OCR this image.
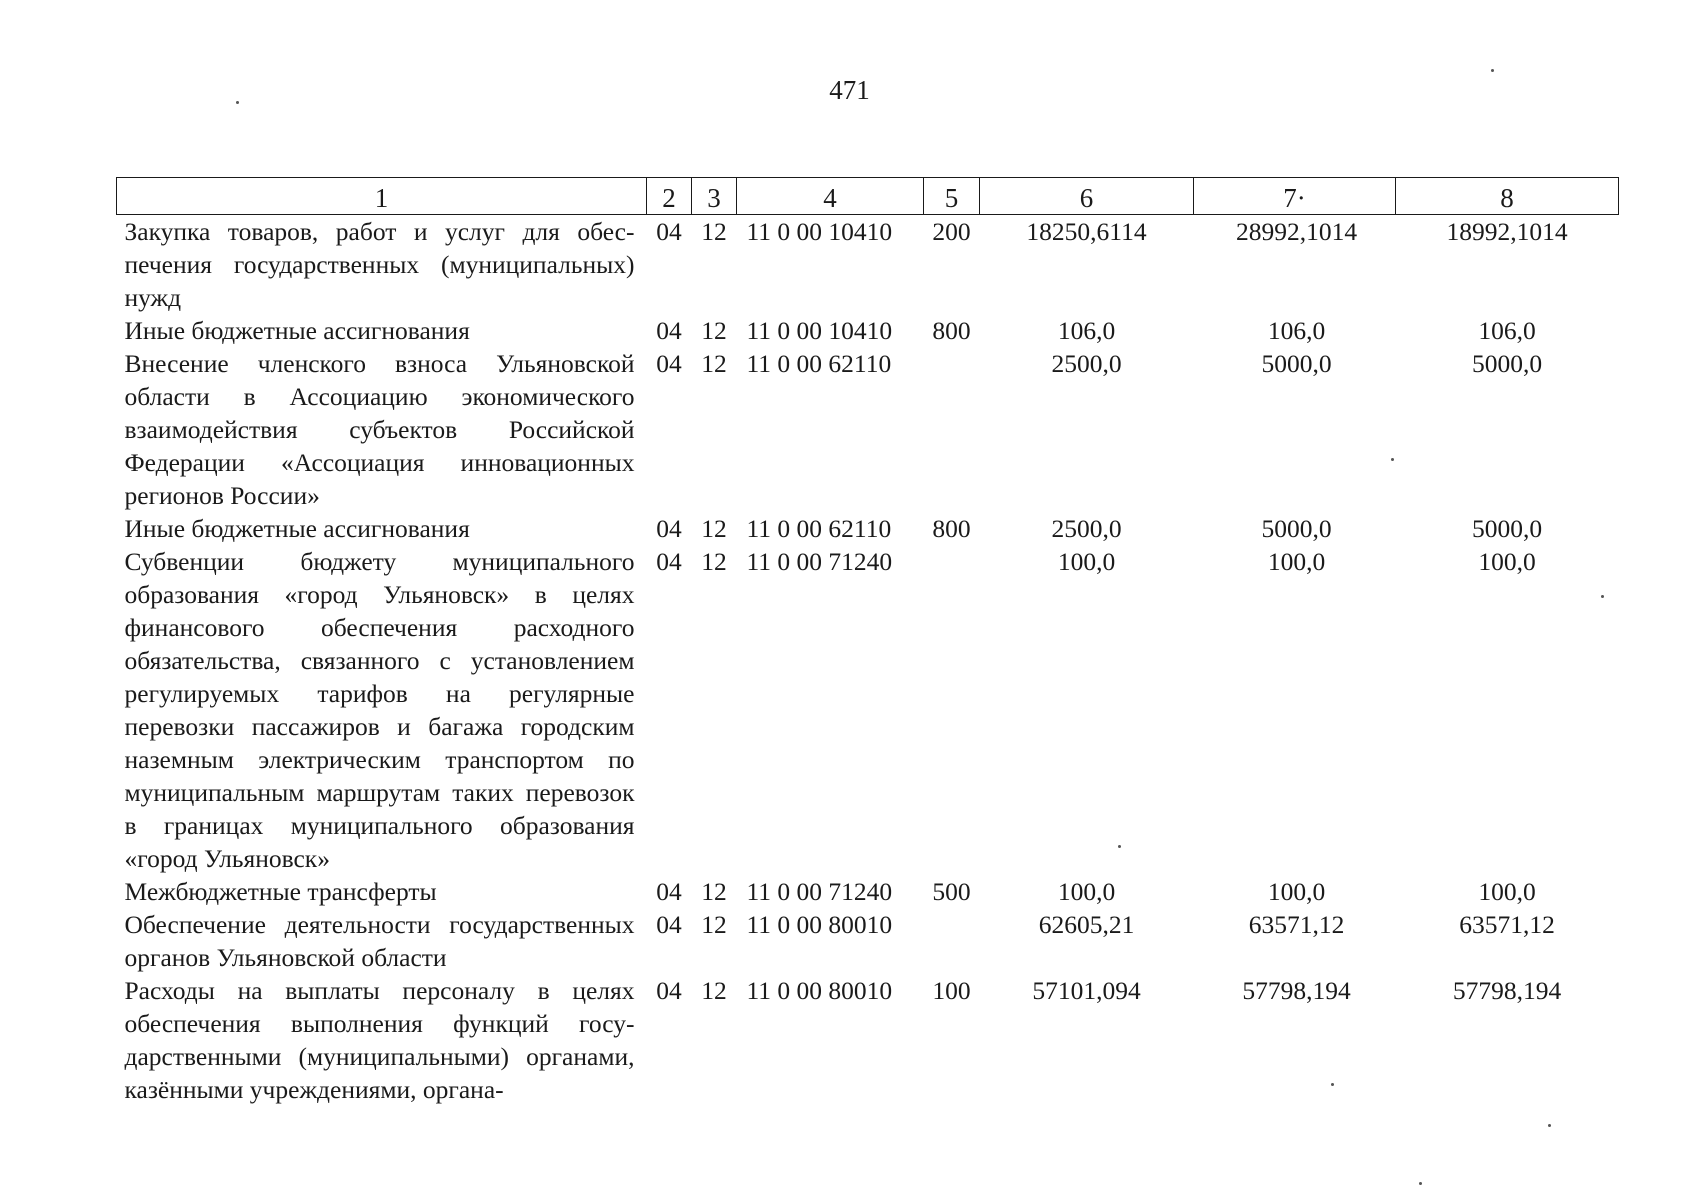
471
1	2	3	4	5	6	7·	8
Закупка товаров, работ и услуг для обеспечения государственных (муниципальных) нужд	04	12	11 0 00 10410	200	18250,6114	28992,1014	18992,1014
Иные бюджетные ассигнования	04	12	11 0 00 10410	800	106,0	106,0	106,0
Внесение членского взноса Ульяновской области в Ассоциацию экономического взаимодействия субъектов Российской Федерации «Ассоциация инновационных регионов России»	04	12	11 0 00 62110		2500,0	5000,0	5000,0
Иные бюджетные ассигнования	04	12	11 0 00 62110	800	2500,0	5000,0	5000,0
Субвенции бюджету муниципального образования «город Ульяновск» в целях финансового обеспечения расходного обязательства, связанного с установлением регулируемых тарифов на регулярные перевозки пассажиров и багажа городским наземным электрическим транспортом по муниципальным маршрутам таких перевозок в границах муниципального образования «город Ульяновск»	04	12	11 0 00 71240		100,0	100,0	100,0
Межбюджетные трансферты	04	12	11 0 00 71240	500	100,0	100,0	100,0
Обеспечение деятельности государственных органов Ульяновской области	04	12	11 0 00 80010		62605,21	63571,12	63571,12
Расходы на выплаты персоналу в целях обеспечения выполнения функций государственными (муниципальными) органами, казёнными учреждениями, органа-	04	12	11 0 00 80010	100	57101,094	57798,194	57798,194
